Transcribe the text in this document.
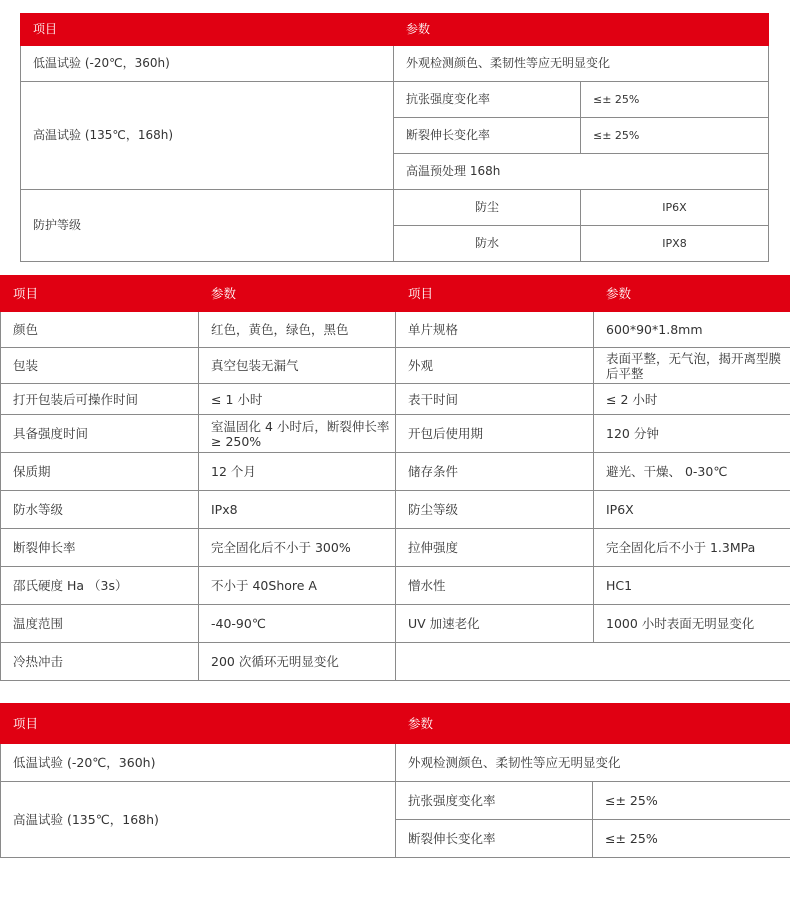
项目	参数	
低温试验 (-20℃，360h)	外观检测颜色、柔韧性等应无明显变化	
高温试验 (135℃，168h)	抗张强度变化率	≤± 25%
	断裂伸长变化率	≤± 25%
	高温预处理 168h	
防护等级	防尘	IP6X
	防水	IPX8
项目	参数	项目	参数
颜色	红色，黄色，绿色，黑色	单片规格	600*90*1.8mm
包装	真空包装无漏气	外观	表面平整，无气泡，揭开离型膜后平整
打开包装后可操作时间	≤ 1 小时	表干时间	≤ 2 小时
具备强度时间	室温固化 4 小时后，断裂伸长率 ≥ 250%	开包后使用期	120 分钟
保质期	12 个月	储存条件	避光、干燥、 0-30℃
防水等级	IPx8	防尘等级	IP6X
断裂伸长率	完全固化后不小于 300%	拉伸强度	完全固化后不小于 1.3MPa
邵氏硬度 Ha （3s）	不小于 40Shore A	憎水性	HC1
温度范围	-40-90℃	UV 加速老化	1000 小时表面无明显变化
冷热冲击	200 次循环无明显变化		
项目	参数	
低温试验 (-20℃，360h)	外观检测颜色、柔韧性等应无明显变化	
高温试验 (135℃，168h)	抗张强度变化率	≤± 25%
	断裂伸长变化率	≤± 25%
